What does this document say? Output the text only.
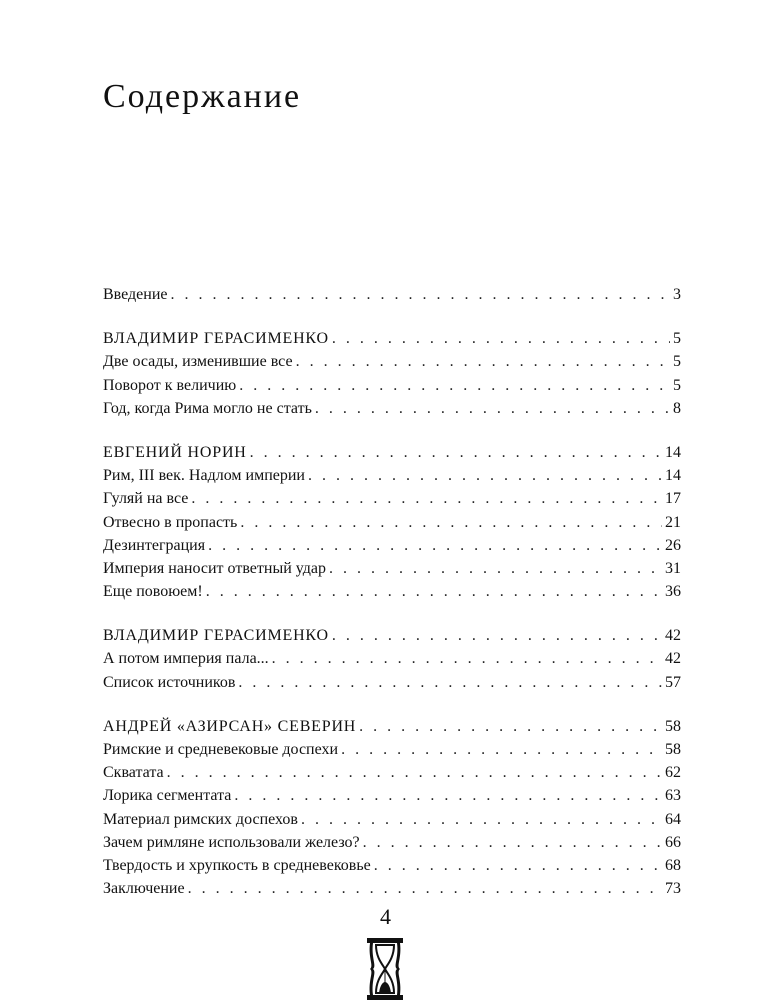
Содержание
Введение . . .	3
ВЛАДИМИР ГЕРАСИМЕНКО . . .	5
Две осады, изменившие все . . .	5
Поворот к величию . . .	5
Год, когда Рима могло не стать . . .	8
ЕВГЕНИЙ НОРИН . . .	14
Рим, III век. Надлом империи . . .	14
Гуляй на все . . .	17
Отвесно в пропасть . . .	21
Дезинтеграция . . .	26
Империя наносит ответный удар . . .	31
Еще повоюем! . . .	36
ВЛАДИМИР ГЕРАСИМЕНКО . . .	42
А потом империя пала... . . .	42
Список источников . . .	57
АНДРЕЙ «АЗИРСАН» СЕВЕРИН . . .	58
Римские и средневековые доспехи . . .	58
Скватата . . .	62
Лорика сегментата . . .	63
Материал римских доспехов . . .	64
Зачем римляне использовали железо? . . .	66
Твердость и хрупкость в средневековье . . .	68
Заключение . . .	73
4
